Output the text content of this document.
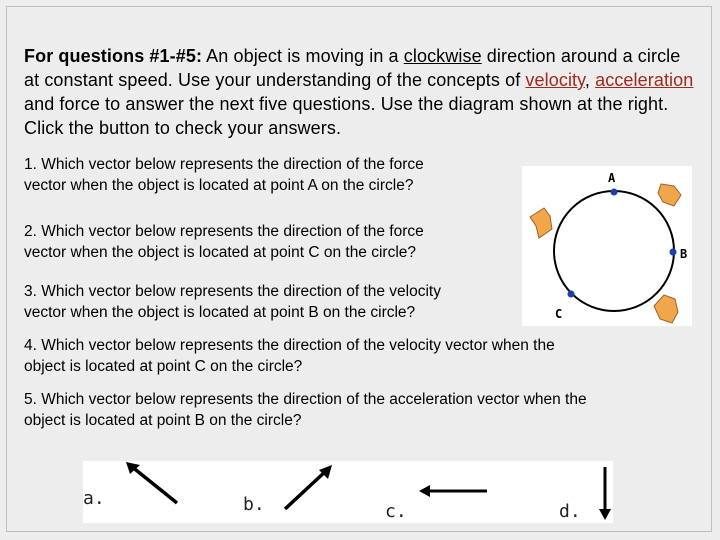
For questions #1-#5: An object is moving in a clockwise direction around a circle at constant speed. Use your understanding of the concepts of velocity, acceleration and force to answer the next five questions. Use the diagram shown at the right. Click the button to check your answers.
1. Which vector below represents the direction of the force
vector when the object is located at point A on the circle?
2. Which vector below represents the direction of the force
vector when the object is located at point C on the circle?
3. Which vector below represents the direction of the velocity
vector when the object is located at point B on the circle?
4. Which vector below represents the direction of the velocity vector when the
object is located at point C on the circle?
5. Which vector below represents the direction of the acceleration vector when the
object is located at point B on the circle?
A
B
C
a.	b.	c.	d.
